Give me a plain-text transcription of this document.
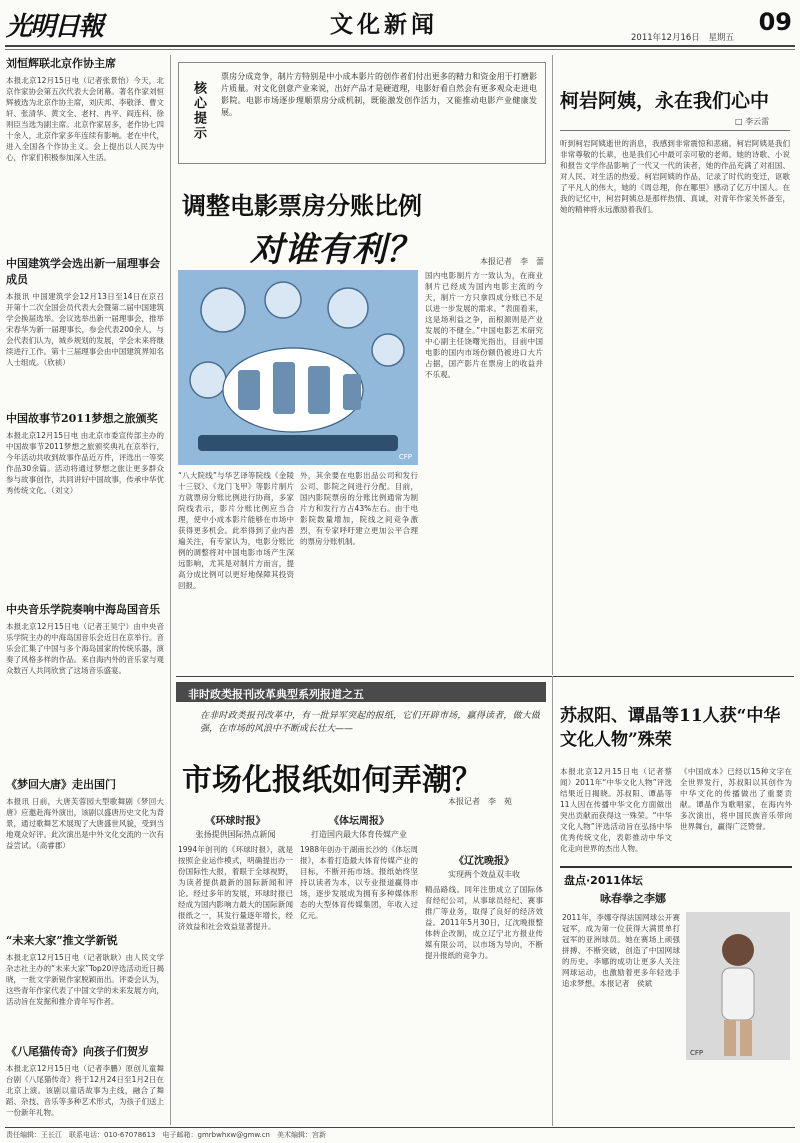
光明日報	文化新闻	09
2011年12月16日 星期五
刘恒辉联北京作协主席
本报北京12月15日电（记者张景怡）今天，北京作家协会第五次代表大会闭幕。著名作家刘恒辉被选为北京作协主席，刘庆邦、李敬泽、曹文轩、张清华、黄文全、老村、冉平、阎连科、徐则臣当选为副主席。北京作家居多，老作协七四十余人，北京作家多年连续有影响。老在中代，进入全国各个作协主义。会上提出以人民为中心，作家们积极参加深入生活。
中国建筑学会选出新一届理事会成员
本报讯 中国建筑学会12月13日至14日在京召开第十二次全国会员代表大会暨第二届中国建筑学会换届选举。会议选举出新一届理事会，推举宋春华为新一届理事长，参会代表200余人，与会代表们认为，城乡规划的发展，学会未来将继续进行工作。第十三届理事会由中国建筑界知名人士组成。（欣祯）
中国故事节2011梦想之旅颁奖
本报北京12月15日电 由北京市委宣传部主办的中国故事节2011梦想之旅颁奖典礼在京举行，今年活动共收到故事作品近万件，评选出一等奖作品30余篇。活动将通过梦想之旅让更多群众参与故事创作，共同讲好中国故事，传承中华优秀传统文化。（刘文）
中央音乐学院奏响中海岛国音乐
本报北京12月15日电（记者王昊宁）由中央音乐学院主办的中海岛国音乐会近日在京举行。音乐会汇集了中国与多个海岛国家的传统乐器，演奏了风格多样的作品。来自海内外的音乐家与观众数百人共同欣赏了这场音乐盛宴。
《梦回大唐》走出国门
本报讯 日前，大唐芙蓉园大型歌舞剧《梦回大唐》应邀赴海外演出，该剧以盛唐历史文化为背景，通过歌舞艺术展现了大唐盛世风貌，受到当地观众好评。此次演出是中外文化交流的一次有益尝试。（高睿郡）
“未来大家”推文学新锐
本报北京12月15日电（记者耿耿）由人民文学杂志社主办的“未来大家”Top20评选活动近日揭晓，一批文学新锐作家脱颖而出。评委会认为，这些青年作家代表了中国文学的未来发展方向，活动旨在发掘和推介青年写作者。
《八尾猫传奇》向孩子们贺岁
本报北京12月15日电（记者李鹏）原创儿童舞台剧《八尾猫传奇》将于12月24日至1月2日在北京上演。该剧以童话故事为主线，融合了舞蹈、杂技、音乐等多种艺术形式，为孩子们送上一份新年礼物。
核心提示
票房分成竞争，制片方特别是中小成本影片的创作者们付出更多的精力和资金用于打磨影片质量。对文化创意产业来说，出好产品才是硬道理，电影好看自然会有更多观众走进电影院。电影市场逐步理顺票房分成机制，既能激发创作活力，又能推动电影产业健康发展。
调整电影票房分账比例
对谁有利？	本报记者　李　蕾
CFP
“八大院线”与华艺译等院线《金陵十三钗》、《龙门飞甲》等影片制片方就票房分账比例进行协商，多家院线表示，影片分账比例应当合理，使中小成本影片能够在市场中获得更多机会。此举得到了业内普遍关注，有专家认为，电影分账比例的调整将对中国电影市场产生深远影响，尤其是对制片方而言，提高分成比例可以更好地保障其投资回报。
外，其余要在电影出品公司和发行公司、影院之间进行分配。目前，国内影院票房的分账比例通常为制片方和发行方占43%左右。由于电影院数量增加，院线之间竞争激烈，有专家呼吁建立更加公平合理的票房分账机制。
国内电影制片方一致认为，在商业制片已经成为国内电影主流的今天，制片一方只拿四成分账已不足以进一步发展的需求。“表面看来，这是场利益之争，而根源则是产业发展的不健全。”中国电影艺术研究中心副主任饶曙光指出，目前中国电影的国内市场份额仍被进口大片占据，国产影片在票房上的收益并不乐观。
柯岩阿姨，永在我们心中
□ 李云雷
听到柯岩阿姨逝世的消息，我感到非常震惊和悲痛。柯岩阿姨是我们非常尊敬的长辈，也是我们心中最可亲可敬的老师。她的诗歌、小说和报告文学作品影响了一代又一代的读者，她的作品充满了对祖国、对人民、对生活的热爱。柯岩阿姨的作品，记录了时代的变迁，讴歌了平凡人的伟大，她的《周总理，你在哪里》感动了亿万中国人。在我的记忆中，柯岩阿姨总是那样热情、真诚，对青年作家关怀备至，她的精神将永远激励着我们。
非时政类报刊改革典型系列报道之五
在非时政类报刊改革中，有一批异军突起的报纸，它们开辟市场，赢得读者，做大做强，在市场的风浪中不断成长壮大——
市场化报纸如何弄潮？
本报记者　李　苑
《环球时报》
张扬提供国际热点新闻
1994年创刊的《环球时报》，就是按照企业运作模式，明确提出办一份国际性大报，着眼于全球视野，为读者提供最新的国际新闻和评论。经过多年的发展，环球时报已经成为国内影响力最大的国际新闻报纸之一，其发行量逐年增长，经济效益和社会效益显著提升。
《体坛周报》
打造国内最大体育传媒产业
1988年创办于湖南长沙的《体坛周报》，本着打造最大体育传媒产业的目标，不断开拓市场。报纸始终坚持以读者为本，以专业报道赢得市场，逐步发展成为拥有多种媒体形态的大型体育传媒集团，年收入过亿元。
《辽沈晚报》
实现两个效益双丰收
精品路线。同年注册成立了国际体育经纪公司，从事球员经纪、赛事推广等业务，取得了良好的经济效益。2011年5月30日，辽沈晚报整体转企改制，成立辽宁北方报业传媒有限公司，以市场为导向，不断提升报纸的竞争力。
苏叔阳、谭晶等11人获“中华文化人物”殊荣
本报北京12月15日电（记者蔡闻）2011年“中华文化人物”评选结果近日揭晓。苏叔阳、谭晶等11人因在传播中华文化方面做出突出贡献而获得这一殊荣。“中华文化人物”评选活动旨在弘扬中华优秀传统文化，表彰推动中华文化走向世界的杰出人物。
《中国成本》已经以15种文字在全世界发行，苏叔阳以其创作为中华文化的传播做出了重要贡献。谭晶作为歌唱家，在海内外多次演出，将中国民族音乐带向世界舞台，赢得广泛赞誉。
盘点·2011体坛
咏春拳之李娜
2011年，李娜夺得法国网球公开赛冠军，成为第一位获得大满贯单打冠军的亚洲球员。她在赛场上顽强拼搏、不断突破，创造了中国网球的历史。李娜的成功让更多人关注网球运动，也激励着更多年轻选手追求梦想。本报记者　侯斌
CFP
责任编辑：王长江　联系电话：010-67078613　电子邮箱：gmrbwhxw@gmw.cn　美术编辑：宫新
